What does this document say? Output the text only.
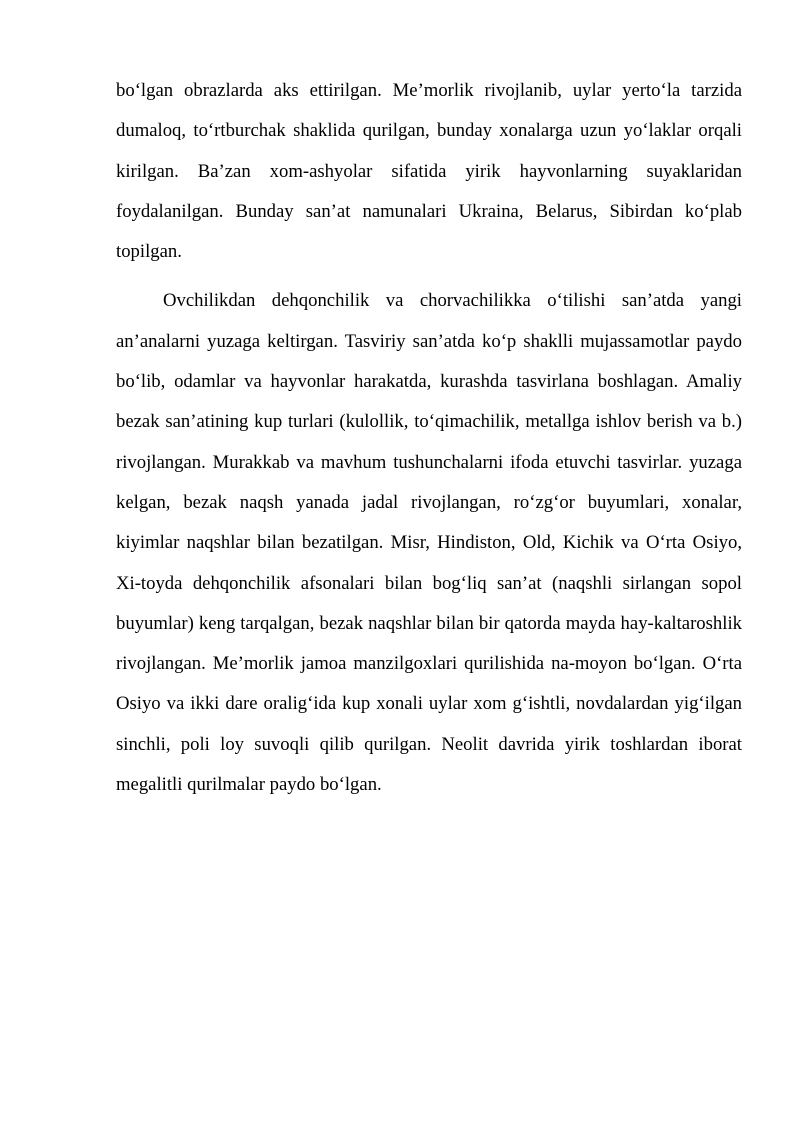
bo‘lgan obrazlarda aks ettirilgan. Me’morlik rivojlanib, uylar yerto‘la tarzida dumaloq, to‘rtburchak shaklida qurilgan, bunday xonalarga uzun yo‘laklar orqali kirilgan. Ba’zan xom-ashyolar sifatida yirik hayvonlarning suyaklaridan foydalanilgan. Bunday san’at namunalari Ukraina, Belarus, Sibirdan ko‘plab topilgan.

Ovchilikdan dehqonchilik va chorvachilikka o‘tilishi san’atda yangi an’analarni yuzaga keltirgan. Tasviriy san’atda ko‘p shaklli mujassamotlar paydo bo‘lib, odamlar va hayvonlar harakatda, kurashda tasvirlana boshlagan. Amaliy bezak san’atining kup turlari (kulollik, to‘qimachilik, metallga ishlov berish va b.) rivojlangan. Murakkab va mavhum tushunchalarni ifoda etuvchi tasvirlar. yuzaga kelgan, bezak naqsh yanada jadal rivojlangan, ro‘zg‘or buyumlari, xonalar, kiyimlar naqshlar bilan bezatilgan. Misr, Hindiston, Old, Kichik va O‘rta Osiyo, Xi-toyda dehqonchilik afsonalari bilan bog‘liq san’at (naqshli sirlangan sopol buyumlar) keng tarqalgan, bezak naqshlar bilan bir qatorda mayda hay-kaltaroshlik rivojlangan. Me’morlik jamoa manzilgoxlari qurilishida na-moyon bo‘lgan. O‘rta Osiyo va ikki dare oralig‘ida kup xonali uylar xom g‘ishtli, novdalardan yig‘ilgan sinchli, poli loy suvoqli qilib qurilgan. Neolit davrida yirik toshlardan iborat megalitli qurilmalar paydo bo‘lgan.
